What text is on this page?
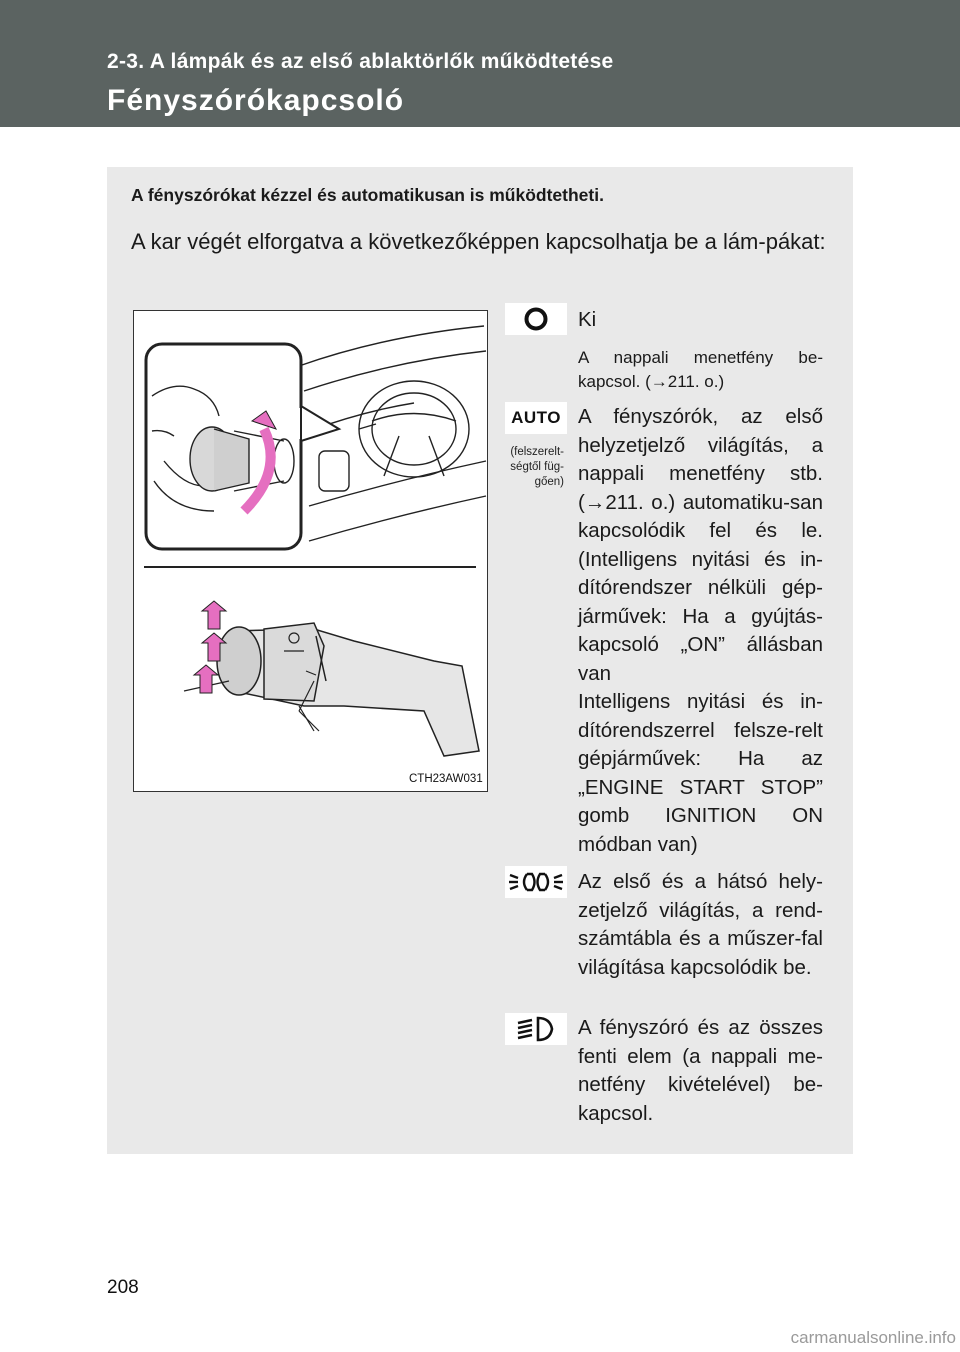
2-3. A lámpák és az első ablaktörlők működtetése
Fényszórókapcsoló
A fényszórókat kézzel és automatikusan is működtetheti.
A kar végét elforgatva a következőképpen kapcsolhatja be a lám-pákat:
CTH23AW031
Ki
A nappali menetfény be-kapcsol. (→211. o.)
AUTO
(felszerelt-ségtől füg-gően)
A fényszórók, az első helyzetjelző világítás, a nappali menetfény stb. (→211. o.) automatiku-san kapcsolódik fel és le. (Intelligens nyitási és in-dítórendszer nélküli gép-járművek: Ha a gyújtás-kapcsoló „ON” állásban van
Intelligens nyitási és in-dítórendszerrel felsze-relt gépjárművek: Ha az „ENGINE START STOP” gomb IGNITION ON módban van)
Az első és a hátsó hely-zetjelző világítás, a rend-számtábla és a műszer-fal világítása kapcsolódik be.
A fényszóró és az összes fenti elem (a nappali me-netfény kivételével) be-kapcsol.
208
carmanualsonline.info
